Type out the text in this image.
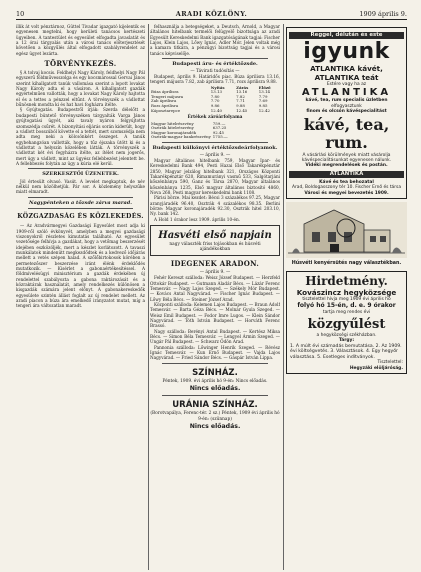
10	ARADI KÖZLÖNY.	1909 április 9.

illik át volt pénztárnoz, Güttel Tivadar igazgató kijelentik es egyenesen megtelni, hogy kerületi tanácsos kertészeti ügyeiben. A tantestület és egyesület elfogadta javaslatát és a 12 órai tárgyalás után a városi tanács előterjesztését követően a közgyűlés által elfogadott szabályrendelet az egész ügyet lezárta.

TÖRVÉNYKEZÉS.

§ A tolvaj kocsis. Feldhelyi Nagy Károly, feldhelyi Nagy Pál egyszerű földművesszolga és egy kocsmárossal Gervai János szerint kihallgatott tanúk vallomása szerint a lopott lovakat Nagy Károly adta el a vásáron. A kihallgatott gazdák egyértelműen vallották, hogy a lovakat Nagy Károly hajtotta el és a tettes a pénzzel eltűnt. A törvényszék a vádlottat bűnösnek mondta ki és hat havi fogházra ítélte.

§ Gyújtogatás. Budapestről írják: Szerda délelőtt a budapesti büntető törvényszéken tárgyalták Varga János gyújtogatási ügyét, aki tavaly nyáron felgyújtotta szomszédja csűrét. A bizonyítási eljárás során kiderült, hogy a vádlott bosszúból követte el a tettét, mert szomszédja nem adta meg neki a kölcsönkért összeget. A tanúk egybehangzóan vallották, hogy a tűz éjszaka ütött ki és a vádlottat a helyszín közelében látták. A törvényszék a vádlottat két évi fegyházra ítélte, az ítélet nem jogerős, mert úgy a vádlott, mint az ügyész fellebbezést jelentett be. A fellebbezés folytán az ügy a kúria elé kerül.

SZERKESZTŐI ÜZENETEK.

Jól értesült olvasó. Vasút. A levelet megkaptuk, de név nélkül nem közölhetjük. Pár sor. A közlemény helyszűke miatt elmaradt.

Nagypénteken a tőzsde zárva marad.
KÖZGAZDASÁG ÉS KÖZLEKEDÉS.

— Az Aradvármegyei Gazdasági Egyesület most adja ki 1909-ről szóló évkönyvét, amelyben a megyei gazdasági viszonyokról részletes kimutatás található. Az egyesület vezetősége felhívja a gazdákat, hogy a vetőmag beszerzését idejében eszközöljék, mert a készlet korlátozott. A tavaszi munkálatok mindenütt megkezdődtek és a kedvező időjárás mellett a vetés szépen halad. A szőlőbirtokosok körében a permetezőszer beszerzése iránt élénk érdeklődés mutatkozik. — Kisérlet a gabonaértékesítéssel. A földmívelésügyi minisztérium a gazdák érdekében új rendelettel szabályozta a gabona raktározását és a közraktárak használatát, amely rendelkezés különösen a kisgazdák számára jelent előnyt. A gabonakereskedők egyesülete szintén állást foglalt az új rendelet mellett. Az aradi piacon a búza ára emelkedő irányzatot mutat, míg a tengeri ára változatlan maradt.

felhasználja a betegségeket, a Deutsch, Arnold, a Magyar általános hitelbank termelői felügyelő bizottsága az aradi Egyesült Kereskedelmi Bank igazgatóságának tagjai: Fischer Lajos, Klein Lajos, Lőwy Ignác, Adler Mór. Jelen voltak még a kamara titkára, a pénzügyi bizottság tagjai és a városi tanács képviselője.

Budapesti áru- és értéktőzsde.

— Távirati tudósítás —

Budapest, április 9. Határidős piac. Búza áprilisra 13.16, tengeri májusra 7.82, zab áprilisra 7.71, rozs áprilisra 9.88.

	Nyitás	Zárás	Előző
Búza áprilisra	13.13	13.16	13.14
Tengeri májusra	7.80	7.82	7.79
Zab áprilisra	7.70	7.71	7.69
Rozs áprilisra	9.86	9.88	9.85
Káposztarepce	12.40	12.45	12.42

Értékek záróárfolyama

Magyar hitelrészvény	759.—
Osztrák hitelrészvény	637.25
Magyar koronajáradék	92.45
Osztrák-magyar bankrészvény	1755.—
Budapesti külkönyvi értéktőzsdeárfolyamok.

— április 9. —

Magyar általános hitelbank 759, Magyar Ipar- és Kereskedelmi Bank 494, Pesti Hazai Első Takarékpénztár 2850, Magyar jelzálog hitelbank 321, Országos Központi Takarékpénztár 620, Rimamurányi vasmű 533, Salgótarjáni kőszénbánya 590, Ganz és Társa 2870, Magyar általános kőszénbánya 1235, Első magyar általános biztosító 4860, Nova 268, Pesti magyar kereskedelmi bank 1108.

Párisi börze. Mai kezdet: Bécsi 3 százalékos 97.25, Magyar aranyjáradék 96.40, Osztrák 4 százalékos 98.35. Berlini börze: Magyar koronajáradék 92.30, Osztrák hitel 203.10, Ny. bank 142.

A Hold 1 órakor lesz 1909. április 10-én.

Hasvéti első napjain

nagy választék friss tojásokban és húsvéti ajándékokban

IDEGENEK ARADON.

— április 9. —

Fehér Kereszt szálloda: Weisz József Budapest. — Herzfeld Ottokár Budapest. — Gutmann Aladár Bécs. — Lázár Ferenc Temesvár. — Nagy Lajos Szeged. — Székely Mór Budapest. — Kovács Antal Nagyvárad. — Fischer Ignác Budapest. — Lőwy Béla Bécs. — Steiner József Arad.

Központi szálloda: Kelemen Lajos Budapest. — Braun Adolf Temesvár. — Barta Géza Bécs. — Molnár Gyula Szeged. — Weisz Emil Budapest. — Fodor Imre Lugos. — Klein Sándor Nagyvárad. — Tóth István Budapest. — Horváth Ferenc Brassó.

Nagy szálloda: Berényi Antal Budapest. — Kertész Miksa Bécs. — Simon Béla Temesvár. — Lengyel Ármin Szeged. — Ungár Pál Budapest. — Schwarz Ödön Arad.

Pannonia szálloda: Lőwinger Henrik Szeged. — Révész Ignác Temesvár. — Kun Ernő Budapest. — Vajda Lajos Nagyvárad. — Fried Sándor Bécs. — Gáspár István Lippa.

SZÍNHÁZ.

Péntek, 1909. évi április hó 9-én: Nincs előadás.

Nincs előadás.
URÁNIA SZÍNHÁZ.

(Borotvapálya, Ferenc-tér. 2 sz.) Péntek, 1909 évi április hó 9-én: (szünnap)

Nincs előadás.
Reggel, délután és este

igyunk

ATLANTIKA kávét,

ATLANTIKA teát

Estére vagy ha az

ATLANTIKA

kávé, tea, rum specialis üzletben

elfogyasztunk

finom és olcsón kávéspecialitást

kávé, tea, rum.

A vásárlási körülmények miatt vásárolja kávéspecialitásunkat egyenesen nálunk.

Vidéki megrendelések és postán.

ATLANTIKA

Kávé és tea behozatal

Arad, Boldogasszony tér 10. Fischer Ernő és társa

Városi és megyei bevezetés 1909.

Húsvéti kenyérsütés nagy választékban.

Hirdetmény.

Kovászincz hegyközsége

tisztelettel hívja meg 1909 évi április hó

folyó hó 15-én, d. e. 9 órakor

tartja meg rendes évi

közgyűlést

a hegyközségi székházban.

Tárgy:

1. A múlt évi számadás bemutatása. 2. Az 1909. évi költségvetés. 3. Választások. 4. Egy hegyőr választása. 5. Esetleges indítványok.

Tisztelettel:

Hegyzáki elöljáróság.
